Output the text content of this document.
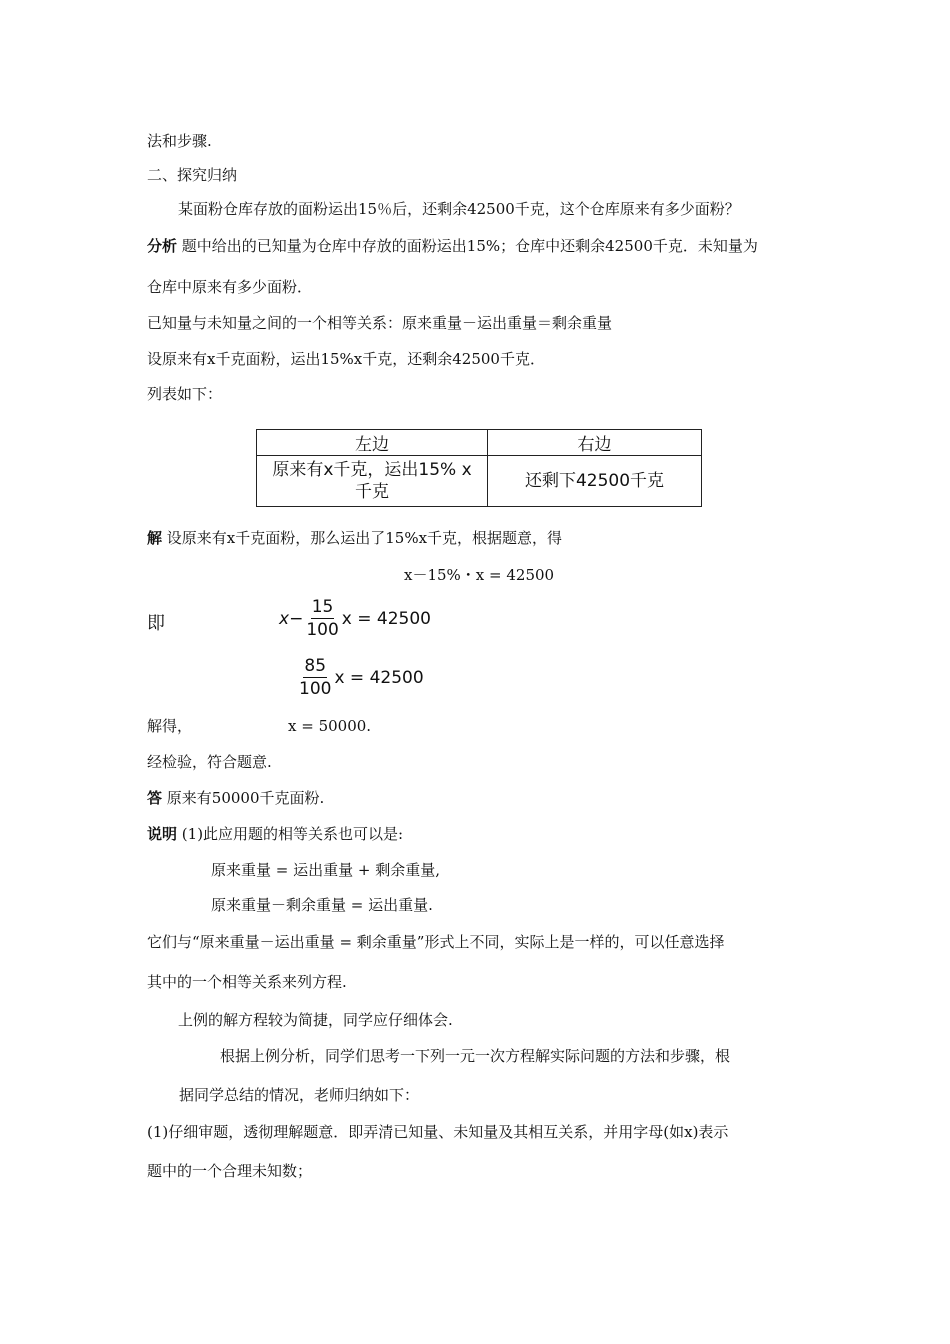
法和步骤.
二、探究归纳
某面粉仓库存放的面粉运出15％后，还剩余42500千克，这个仓库原来有多少面粉？
分析 题中给出的已知量为仓库中存放的面粉运出15%；仓库中还剩余42500千克．未知量为
仓库中原来有多少面粉．
已知量与未知量之间的一个相等关系：原来重量－运出重量＝剩余重量
设原来有x千克面粉，运出15%x千克，还剩余42500千克．
列表如下：
左边	右边
原来有x千克，运出15% x
千克	还剩下42500千克
解 设原来有x千克面粉，那么运出了15%x千克，根据题意，得
x－15%・x = 42500
即	$x - \frac{15}{100}$ x = 42500
$\frac{85}{100}$ x = 42500
解得，	x = 50000.
经检验，符合题意.
答 原来有50000千克面粉.
说明 (1)此应用题的相等关系也可以是:
原来重量 = 运出重量 + 剩余重量,
原来重量－剩余重量 = 运出重量.
它们与“原来重量－运出重量 = 剩余重量”形式上不同，实际上是一样的，可以任意选择
其中的一个相等关系来列方程.
上例的解方程较为简捷，同学应仔细体会.
根据上例分析，同学们思考一下列一元一次方程解实际问题的方法和步骤，根
据同学总结的情况，老师归纳如下：
(1)仔细审题，透彻理解题意．即弄清已知量、未知量及其相互关系，并用字母(如x)表示
题中的一个合理未知数；
